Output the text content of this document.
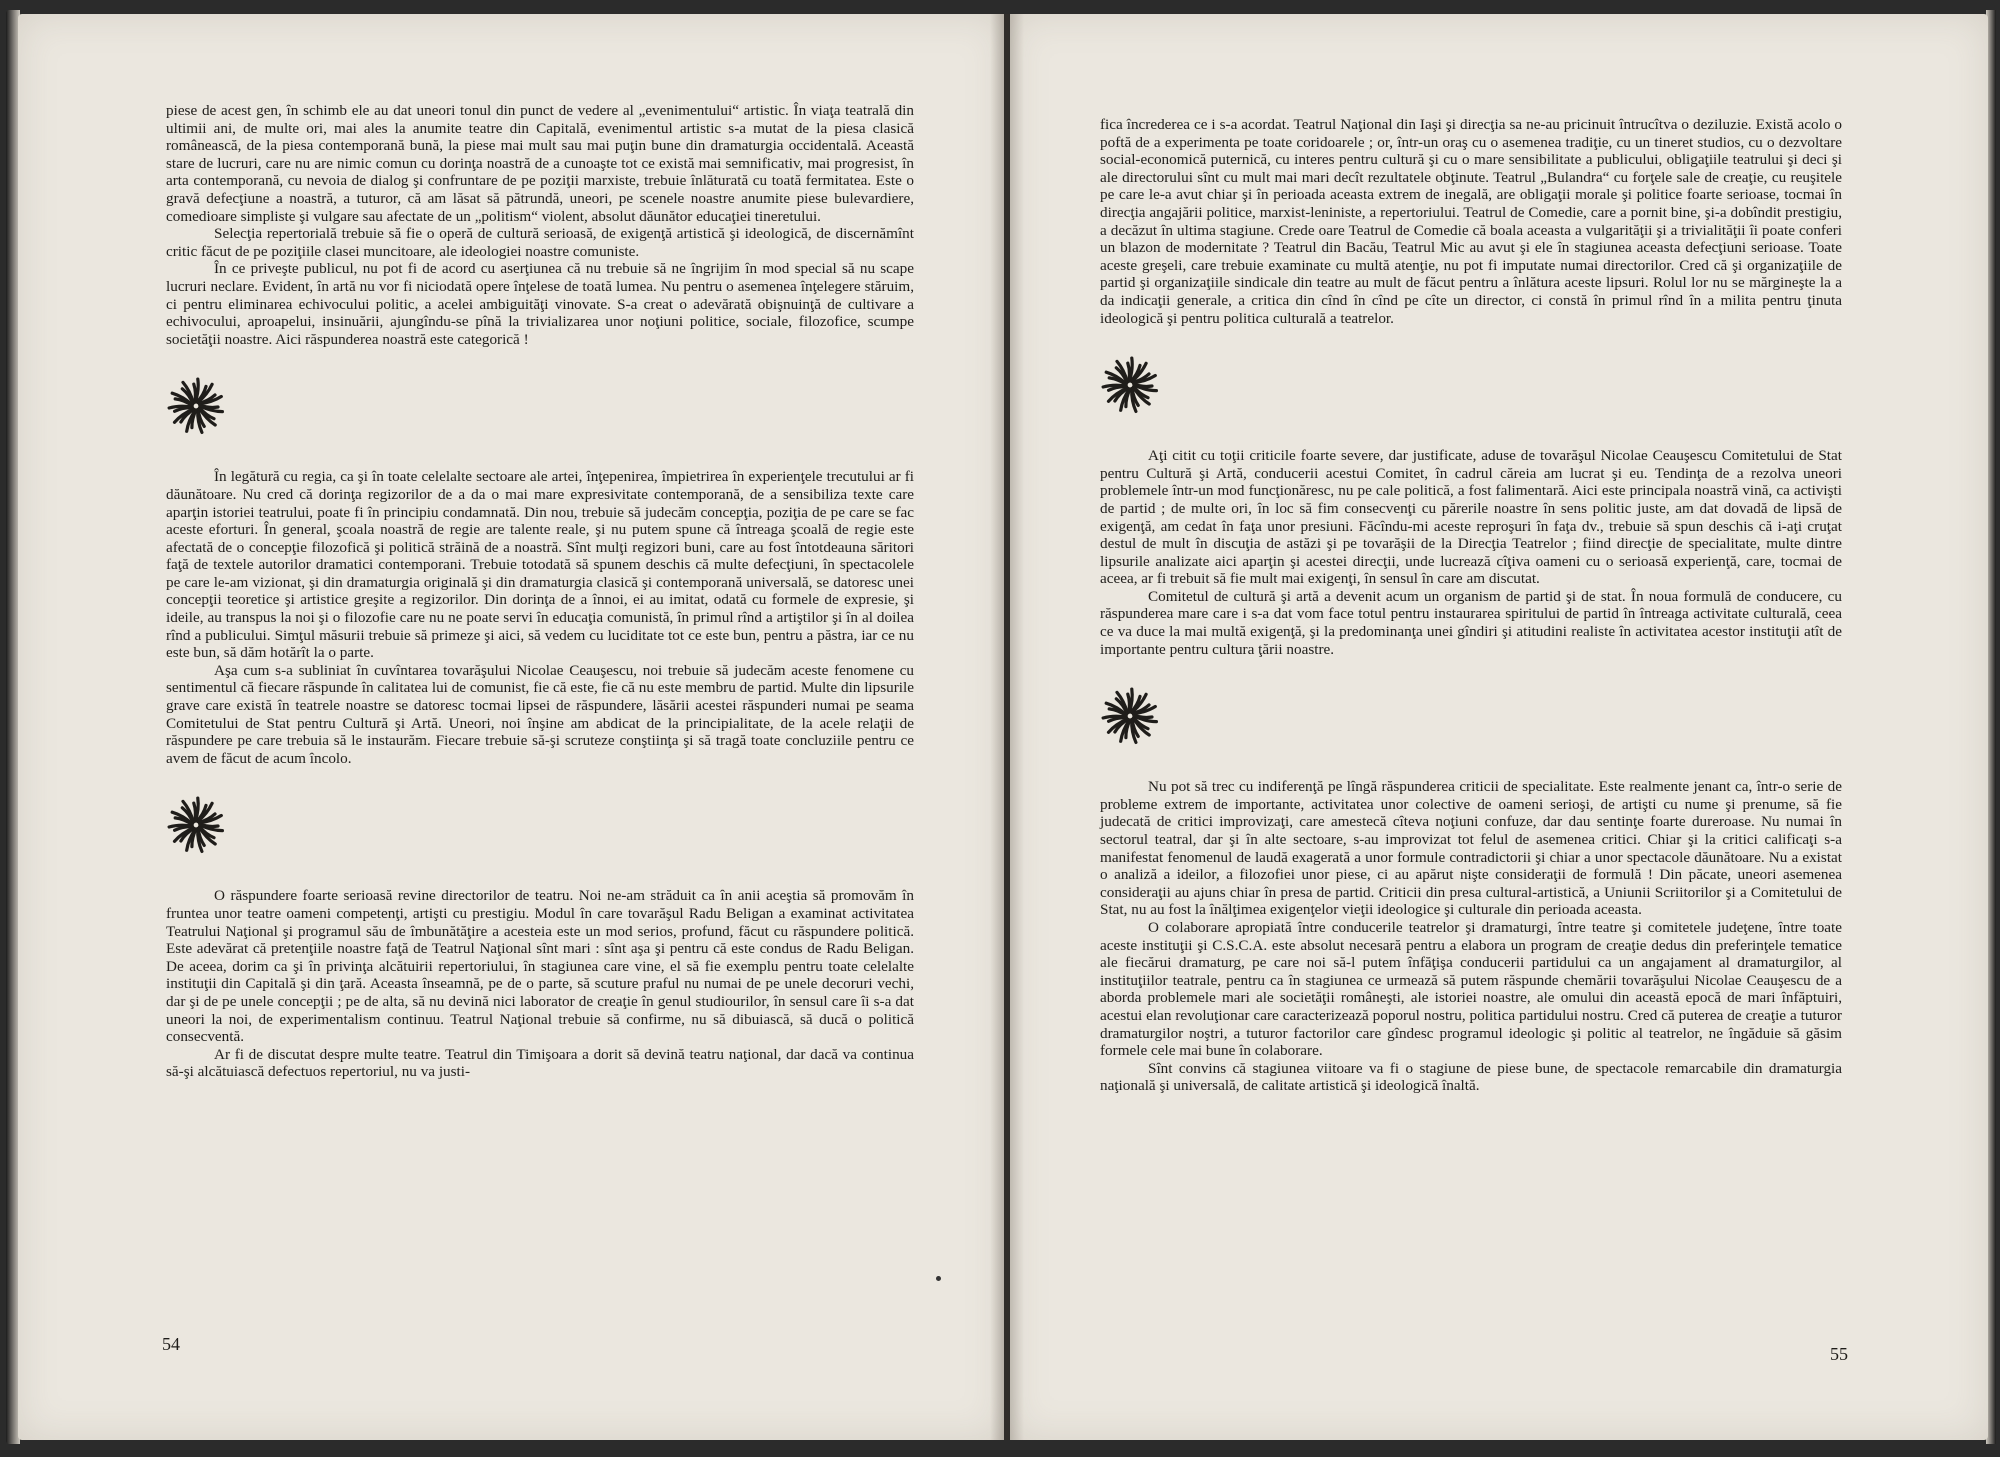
piese de acest gen, în schimb ele au dat uneori tonul din punct de vedere al „evenimentului“ artistic. În viaţa teatrală din ultimii ani, de multe ori, mai ales la anumite teatre din Capitală, evenimentul artistic s-a mutat de la piesa clasică românească, de la piesa contemporană bună, la piese mai mult sau mai puţin bune din dramaturgia occidentală. Această stare de lucruri, care nu are nimic comun cu dorinţa noastră de a cunoaşte tot ce există mai semnificativ, mai progresist, în arta contemporană, cu nevoia de dialog şi confruntare de pe poziţii marxiste, trebuie înlăturată cu toată fermitatea. Este o gravă defecţiune a noastră, a tuturor, că am lăsat să pătrundă, uneori, pe scenele noastre anumite piese bulevardiere, comedioare simpliste şi vulgare sau afectate de un „politism“ violent, absolut dăunător educaţiei tineretului.

Selecţia repertorială trebuie să fie o operă de cultură serioasă, de exigenţă artistică şi ideologică, de discernămînt critic făcut de pe poziţiile clasei muncitoare, ale ideologiei noastre comuniste.

În ce priveşte publicul, nu pot fi de acord cu aserţiunea că nu trebuie să ne îngrijim în mod special să nu scape lucruri neclare. Evident, în artă nu vor fi niciodată opere înţelese de toată lumea. Nu pentru o asemenea înţelegere stăruim, ci pentru eliminarea echivocului politic, a acelei ambiguităţi vinovate. S-a creat o adevărată obişnuinţă de cultivare a echivocului, aproapelui, insinuării, ajungîndu-se pînă la trivializarea unor noţiuni politice, sociale, filozofice, scumpe societăţii noastre. Aici răspunderea noastră este categorică !

În legătură cu regia, ca şi în toate celelalte sectoare ale artei, înţepenirea, împietrirea în experienţele trecutului ar fi dăunătoare. Nu cred că dorinţa regizorilor de a da o mai mare expresivitate contemporană, de a sensibiliza texte care aparţin istoriei teatrului, poate fi în principiu condamnată. Din nou, trebuie să judecăm concepţia, poziţia de pe care se fac aceste eforturi. În general, şcoala noastră de regie are talente reale, şi nu putem spune că întreaga şcoală de regie este afectată de o concepţie filozofică şi politică străină de a noastră. Sînt mulţi regizori buni, care au fost întotdeauna săritori faţă de textele autorilor dramatici contemporani. Trebuie totodată să spunem deschis că multe defecţiuni, în spectacolele pe care le-am vizionat, şi din dramaturgia originală şi din dramaturgia clasică şi contemporană universală, se datoresc unei concepţii teoretice şi artistice greşite a regizorilor. Din dorinţa de a înnoi, ei au imitat, odată cu formele de expresie, şi ideile, au transpus la noi şi o filozofie care nu ne poate servi în educaţia comunistă, în primul rînd a artiştilor şi în al doilea rînd a publicului. Simţul măsurii trebuie să primeze şi aici, să vedem cu luciditate tot ce este bun, pentru a păstra, iar ce nu este bun, să dăm hotărît la o parte.

Aşa cum s-a subliniat în cuvîntarea tovarăşului Nicolae Ceauşescu, noi trebuie să judecăm aceste fenomene cu sentimentul că fiecare răspunde în calitatea lui de comunist, fie că este, fie că nu este membru de partid. Multe din lipsurile grave care există în teatrele noastre se datoresc tocmai lipsei de răspundere, lăsării acestei răspunderi numai pe seama Comitetului de Stat pentru Cultură şi Artă. Uneori, noi înşine am abdicat de la principialitate, de la acele relaţii de răspundere pe care trebuia să le instaurăm. Fiecare trebuie să-şi scruteze conştiinţa şi să tragă toate concluziile pentru ce avem de făcut de acum încolo.

O răspundere foarte serioasă revine directorilor de teatru. Noi ne-am străduit ca în anii aceştia să promovăm în fruntea unor teatre oameni competenţi, artişti cu prestigiu. Modul în care tovarăşul Radu Beligan a examinat activitatea Teatrului Naţional şi programul său de îmbunătăţire a acesteia este un mod serios, profund, făcut cu răspundere politică. Este adevărat că pretenţiile noastre faţă de Teatrul Naţional sînt mari : sînt aşa şi pentru că este condus de Radu Beligan. De aceea, dorim ca şi în privinţa alcătuirii repertoriului, în stagiunea care vine, el să fie exemplu pentru toate celelalte instituţii din Capitală şi din ţară. Aceasta înseamnă, pe de o parte, să scuture praful nu numai de pe unele decoruri vechi, dar şi de pe unele concepţii ; pe de alta, să nu devină nici laborator de creaţie în genul studiourilor, în sensul care îi s-a dat uneori la noi, de experimentalism continuu. Teatrul Naţional trebuie să confirme, nu să dibuiască, să ducă o politică consecventă.

Ar fi de discutat despre multe teatre. Teatrul din Timişoara a dorit să devină teatru naţional, dar dacă va continua să-şi alcătuiască defectuos repertoriul, nu va justi-

54

fica încrederea ce i s-a acordat. Teatrul Naţional din Iaşi şi direcţia sa ne-au pricinuit întrucîtva o deziluzie. Există acolo o poftă de a experimenta pe toate coridoarele ; or, într-un oraş cu o asemenea tradiţie, cu un tineret studios, cu o dezvoltare social-economică puternică, cu interes pentru cultură şi cu o mare sensibilitate a publicului, obligaţiile teatrului şi deci şi ale directorului sînt cu mult mai mari decît rezultatele obţinute. Teatrul „Bulandra“ cu forţele sale de creaţie, cu reuşitele pe care le-a avut chiar şi în perioada aceasta extrem de inegală, are obligaţii morale şi politice foarte serioase, tocmai în direcţia angajării politice, marxist-leniniste, a repertoriului. Teatrul de Comedie, care a pornit bine, şi-a dobîndit prestigiu, a decăzut în ultima stagiune. Crede oare Teatrul de Comedie că boala aceasta a vulgarităţii şi a trivialităţii îi poate conferi un blazon de modernitate ? Teatrul din Bacău, Teatrul Mic au avut şi ele în stagiunea aceasta defecţiuni serioase. Toate aceste greşeli, care trebuie examinate cu multă atenţie, nu pot fi imputate numai directorilor. Cred că şi organizaţiile de partid şi organizaţiile sindicale din teatre au mult de făcut pentru a înlătura aceste lipsuri. Rolul lor nu se mărgineşte la a da indicaţii generale, a critica din cînd în cînd pe cîte un director, ci constă în primul rînd în a milita pentru ţinuta ideologică şi pentru politica culturală a teatrelor.

Aţi citit cu toţii criticile foarte severe, dar justificate, aduse de tovarăşul Nicolae Ceauşescu Comitetului de Stat pentru Cultură şi Artă, conducerii acestui Comitet, în cadrul căreia am lucrat şi eu. Tendinţa de a rezolva uneori problemele într-un mod funcţionăresc, nu pe cale politică, a fost falimentară. Aici este principala noastră vină, ca activişti de partid ; de multe ori, în loc să fim consecvenţi cu părerile noastre în sens politic juste, am dat dovadă de lipsă de exigenţă, am cedat în faţa unor presiuni. Făcîndu-mi aceste reproşuri în faţa dv., trebuie să spun deschis că i-aţi cruţat destul de mult în discuţia de astăzi şi pe tovarăşii de la Direcţia Teatrelor ; fiind direcţie de specialitate, multe dintre lipsurile analizate aici aparţin şi acestei direcţii, unde lucrează cîţiva oameni cu o serioasă experienţă, care, tocmai de aceea, ar fi trebuit să fie mult mai exigenţi, în sensul în care am discutat.

Comitetul de cultură şi artă a devenit acum un organism de partid şi de stat. În noua formulă de conducere, cu răspunderea mare care i s-a dat vom face totul pentru instaurarea spiritului de partid în întreaga activitate culturală, ceea ce va duce la mai multă exigenţă, şi la predominanţa unei gîndiri şi atitudini realiste în activitatea acestor instituţii atît de importante pentru cultura ţării noastre.

Nu pot să trec cu indiferenţă pe lîngă răspunderea criticii de specialitate. Este realmente jenant ca, într-o serie de probleme extrem de importante, activitatea unor colective de oameni serioşi, de artişti cu nume şi prenume, să fie judecată de critici improvizaţi, care amestecă cîteva noţiuni confuze, dar dau sentinţe foarte dureroase. Nu numai în sectorul teatral, dar şi în alte sectoare, s-au improvizat tot felul de asemenea critici. Chiar şi la critici calificaţi s-a manifestat fenomenul de laudă exagerată a unor formule contradictorii şi chiar a unor spectacole dăunătoare. Nu a existat o analiză a ideilor, a filozofiei unor piese, ci au apărut nişte consideraţii de formulă ! Din păcate, uneori asemenea consideraţii au ajuns chiar în presa de partid. Criticii din presa cultural-artistică, a Uniunii Scriitorilor şi a Comitetului de Stat, nu au fost la înălţimea exigenţelor vieţii ideologice şi culturale din perioada aceasta.

O colaborare apropiată între conducerile teatrelor şi dramaturgi, între teatre şi comitetele judeţene, între toate aceste instituţii şi C.S.C.A. este absolut necesară pentru a elabora un program de creaţie dedus din preferinţele tematice ale fiecărui dramaturg, pe care noi să-l putem înfăţişa conducerii partidului ca un angajament al dramaturgilor, al instituţiilor teatrale, pentru ca în stagiunea ce urmează să putem răspunde chemării tovarăşului Nicolae Ceauşescu de a aborda problemele mari ale societăţii româneşti, ale istoriei noastre, ale omului din această epocă de mari înfăptuiri, acestui elan revoluţionar care caracterizează poporul nostru, politica partidului nostru. Cred că puterea de creaţie a tuturor dramaturgilor noştri, a tuturor factorilor care gîndesc programul ideologic şi politic al teatrelor, ne îngăduie să găsim formele cele mai bune în colaborare.

Sînt convins că stagiunea viitoare va fi o stagiune de piese bune, de spectacole remarcabile din dramaturgia naţională şi universală, de calitate artistică şi ideologică înaltă.

55
